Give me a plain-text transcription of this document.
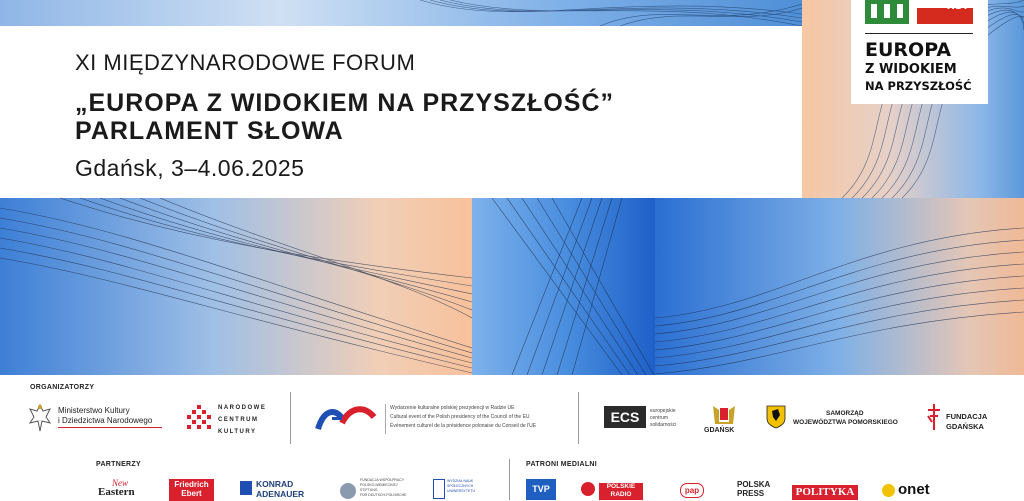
XI MIĘDZYNARODOWE FORUM
„EUROPA Z WIDOKIEM NA PRZYSZŁOŚĆ”
PARLAMENT SŁOWA
Gdańsk, 3–4.06.2025
EUROPA
Z WIDOKIEM
NA PRZYSZŁOŚĆ
ORGANIZATORZY
Ministerstwo Kultury
i Dziedzictwa Narodowego
NARODOWE
CENTRUM
KULTURY
Wydarzenie kulturalne polskiej prezydencji w Radzie UE
Cultural event of the Polish presidency of the Council of the EU
Événement culturel de la présidence polonaise du Conseil de l'UE
ECS	europejskie
centrum
solidarności
GDAŃSK
SAMORZĄD
WOJEWÓDZTWA POMORSKIEGO
FUNDACJA
GDAŃSKA
PARTNERZY
New
Eastern
Friedrich
Ebert
KONRAD
ADENAUER
FUNDACJA WSPÓŁPRACY
POLSKO-NIEMIECKIEJ
STIFTUNG
FÜR DEUTSCH-POLNISCHE
WYDZIAŁ NAUK
SPOŁECZNYCH
UNIWERSYTETU
PATRONI MEDIALNI
TVP	POLSKIE
RADIO	pap
POLSKA
PRESS	POLITYKA	onet
